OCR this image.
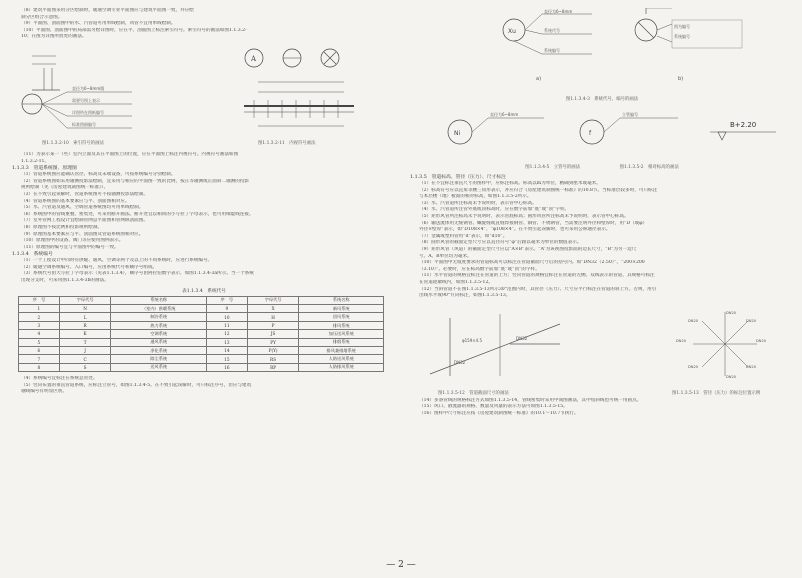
（8）建筑平面图采用分区绘制时，暖通空调专业平面图应与建筑平面图一致，并应绘

制分区组合示意图。

（9）平面图、剖面图中的水、汽管道可用单线绘制，风管不宜用单线绘制。

（10）平面图、剖面图中的局部需另绘详图时，应在平、剖面图上标注索引符号。索引符号的画法如图1.1.3.2-

10；在图为详图所放处的画法。

直径为6~8mm圆
需要另图上表示
详图所在图纸编号
标准图册编号
A
图1.1.3.2-10　索引符号的画法	图1.1.3.2-11　内视符号画法

（11）为表示某一（些）室内立面及其在平面图上的位置，应在平面图上标注内视符号。内视符号画法如图

1.1.3.2-11。

1.1.3.3　管道系统图、原理图

（1）管道系统图应能确认管径、标高及末端设备，可按系统编号分别绘制。

（2）管道系统图如采用轴测投影法绘制，宜采用与相应的平面图一致的比例，按正等轴测或正面斜二轴测的投影

规则绘制（见《房屋建筑制图统一标准》）。

（3）在不致引起误解时，管道系统图可不按轴测投影法绘制。

（4）管道系统图的基本要素应与平、剖面图相对应。

（5）水、汽管道及通风、空调管道系统图均可用单线绘制。

（6）系统图中的管线重叠、密集处，可采用断开画法。断开处宜以相同的小写拉丁字母表示，也可用细虚线连接。

（7）室外管网工程设计宜绘制管网总平面图和管网纵剖面图。

（8）原理图不按比例和投影规则绘制。

（9）原理图基本要素应与平、剖面图及管道系统图相对应。

（10）原理图中的设备、阀门等应使用图例表示。

（11）原理图的编号宜与平面图中的编号一致。

1.1.3.4　系统编号

（1）一个工程设计中同时有供暖、通风、空调等两个及以上的不同系统时，应进行系统编号。

（2）暖通空调系统编号、入口编号，应由系统代号和顺序号组成。

（3）系统代号由大写拉丁字母表示（见表1.1.3.4），顺序号由阿拉伯数字表示，如图1.1.3.4-3a所示。当一个系统

出现分支时，可采用图1.1.3.4-3b的画法。

表1.1.3.4　系统代号
序　号	字母代号	系统名称	序　号	字母代号	系统名称
1	N	（室内）供暖系统	9	X	新风系统
2	L	制冷系统	10	H	回风系统
3	R	热力系统	11	P	排风系统
4	K	空调系统	12	JS	加压送风系统
5	T	通风系统	13	PY	排烟系统
6	J	净化系统	14	P(Y)	排风兼排烟系统
7	C	除尘系统	15	RS	人防送风系统
8	S	送风系统	16	RP	人防排风系统

（4）系统编号宜标注在系统总管处。

（5）竖向布置的垂直管道系统，应标注立管号，如图1.1.3.4-5。在不致引起误解时，可只标注序号，但应与建筑

轴线编号有明显区别。

Xu
直径为6~8mm
系统代号
系统编号
a)
图为编号
系统编号
b)
图1.1.3.4-3　系统代号、编号的画法
Ni
直径为6~8mm
f
立管编号
B+2.20
图1.1.3.4-5　立管号的画法　　　　　　　　　图1.1.3.5-2　相对标高的画法
1.1.3.5　管道标高、管径（压力）、尺寸标注

（1）在不宜标注垂直尺寸的图样中，应标注标高。标高以m为单位，精确到厘米或毫米。

（2）标高符号应以直角等腰三角形表示，并应符合《房屋建筑制图统一标准》的10.8节。当标准层较多时，可只标注

与本层楼（地）板面的相对标高，如图1.1.3.5-2所示。

（3）水、汽管道所注标高未予说明时，表示管中心标高。

（4）水、汽管道所注管外底或顶标高时，应在数字前加“底”或“顶”字样。

（5）矩形风管所注标高未予说明时，表示管底标高；圆形风管所注标高未予说明时，表示管中心标高。

（6）输送流体用无缝钢管、螺旋缝或直缝焊接钢管、铜管、不锈钢管，当需要注明外径和壁厚时，用“D（或φ）

外径×壁厚”表示，如“D108×4”、“φ108×4”。在不致引起误解时，也可采用公称通径表示。

（7）金属或塑料管用“d”表示，如“d10”。

（8）圆形风管的截面定型尺寸应以直径符号“φ”后跟以毫米为单位的数值表示。

（9）矩形风管（风道）的截面定型尺寸应以“A×B”表示。“A”为该视图投影面的边长尺寸，“B”为另一边尺

寸。A、B单位均为毫米。

（10）平面图中无坡度要求的管道标高可以标注在管道截面尺寸后的括号内。如“DN32（2.50）”、“200×200

（3.10）”。必要时，应在标高数字前加“底”或“顶”的字样。

（11）水平管道的规格宜标注在管道的上方；竖向管道的规格宜标注在管道的左侧。双线表示的管道，其规格可标注

在管道轮廓线内，如图1.1.3.5-12。

（12）当斜管道不在图1.1.3.5-13所示30°范围内时，其管径（压力）、尺寸应平行标注在管道的斜上方。否则，用引

出线水平或90°方向标注，如图1.1.3.5-13。

φ159×4.5	DN32
DN32
DN20
DN20
DN20
DN20
DN20
DN20
DN20
DN20
图1.1.3.5-12　管道截面尺寸的画法	图1.1.3.5-13　管径（压力）的标注位置示例

（14）多条管线的规格标注方式如图1.1.3.5-14，管线密集时采用中间图画法，其中短斜线也可统一用圆点。

（15）风口、散流器的规格、数量及风量的表示方法可如图1.1.3.5-15。

（16）图样中尺寸标注应按《房屋建筑制图统一标准》的10.1～10.7节执行。

— 2 —
